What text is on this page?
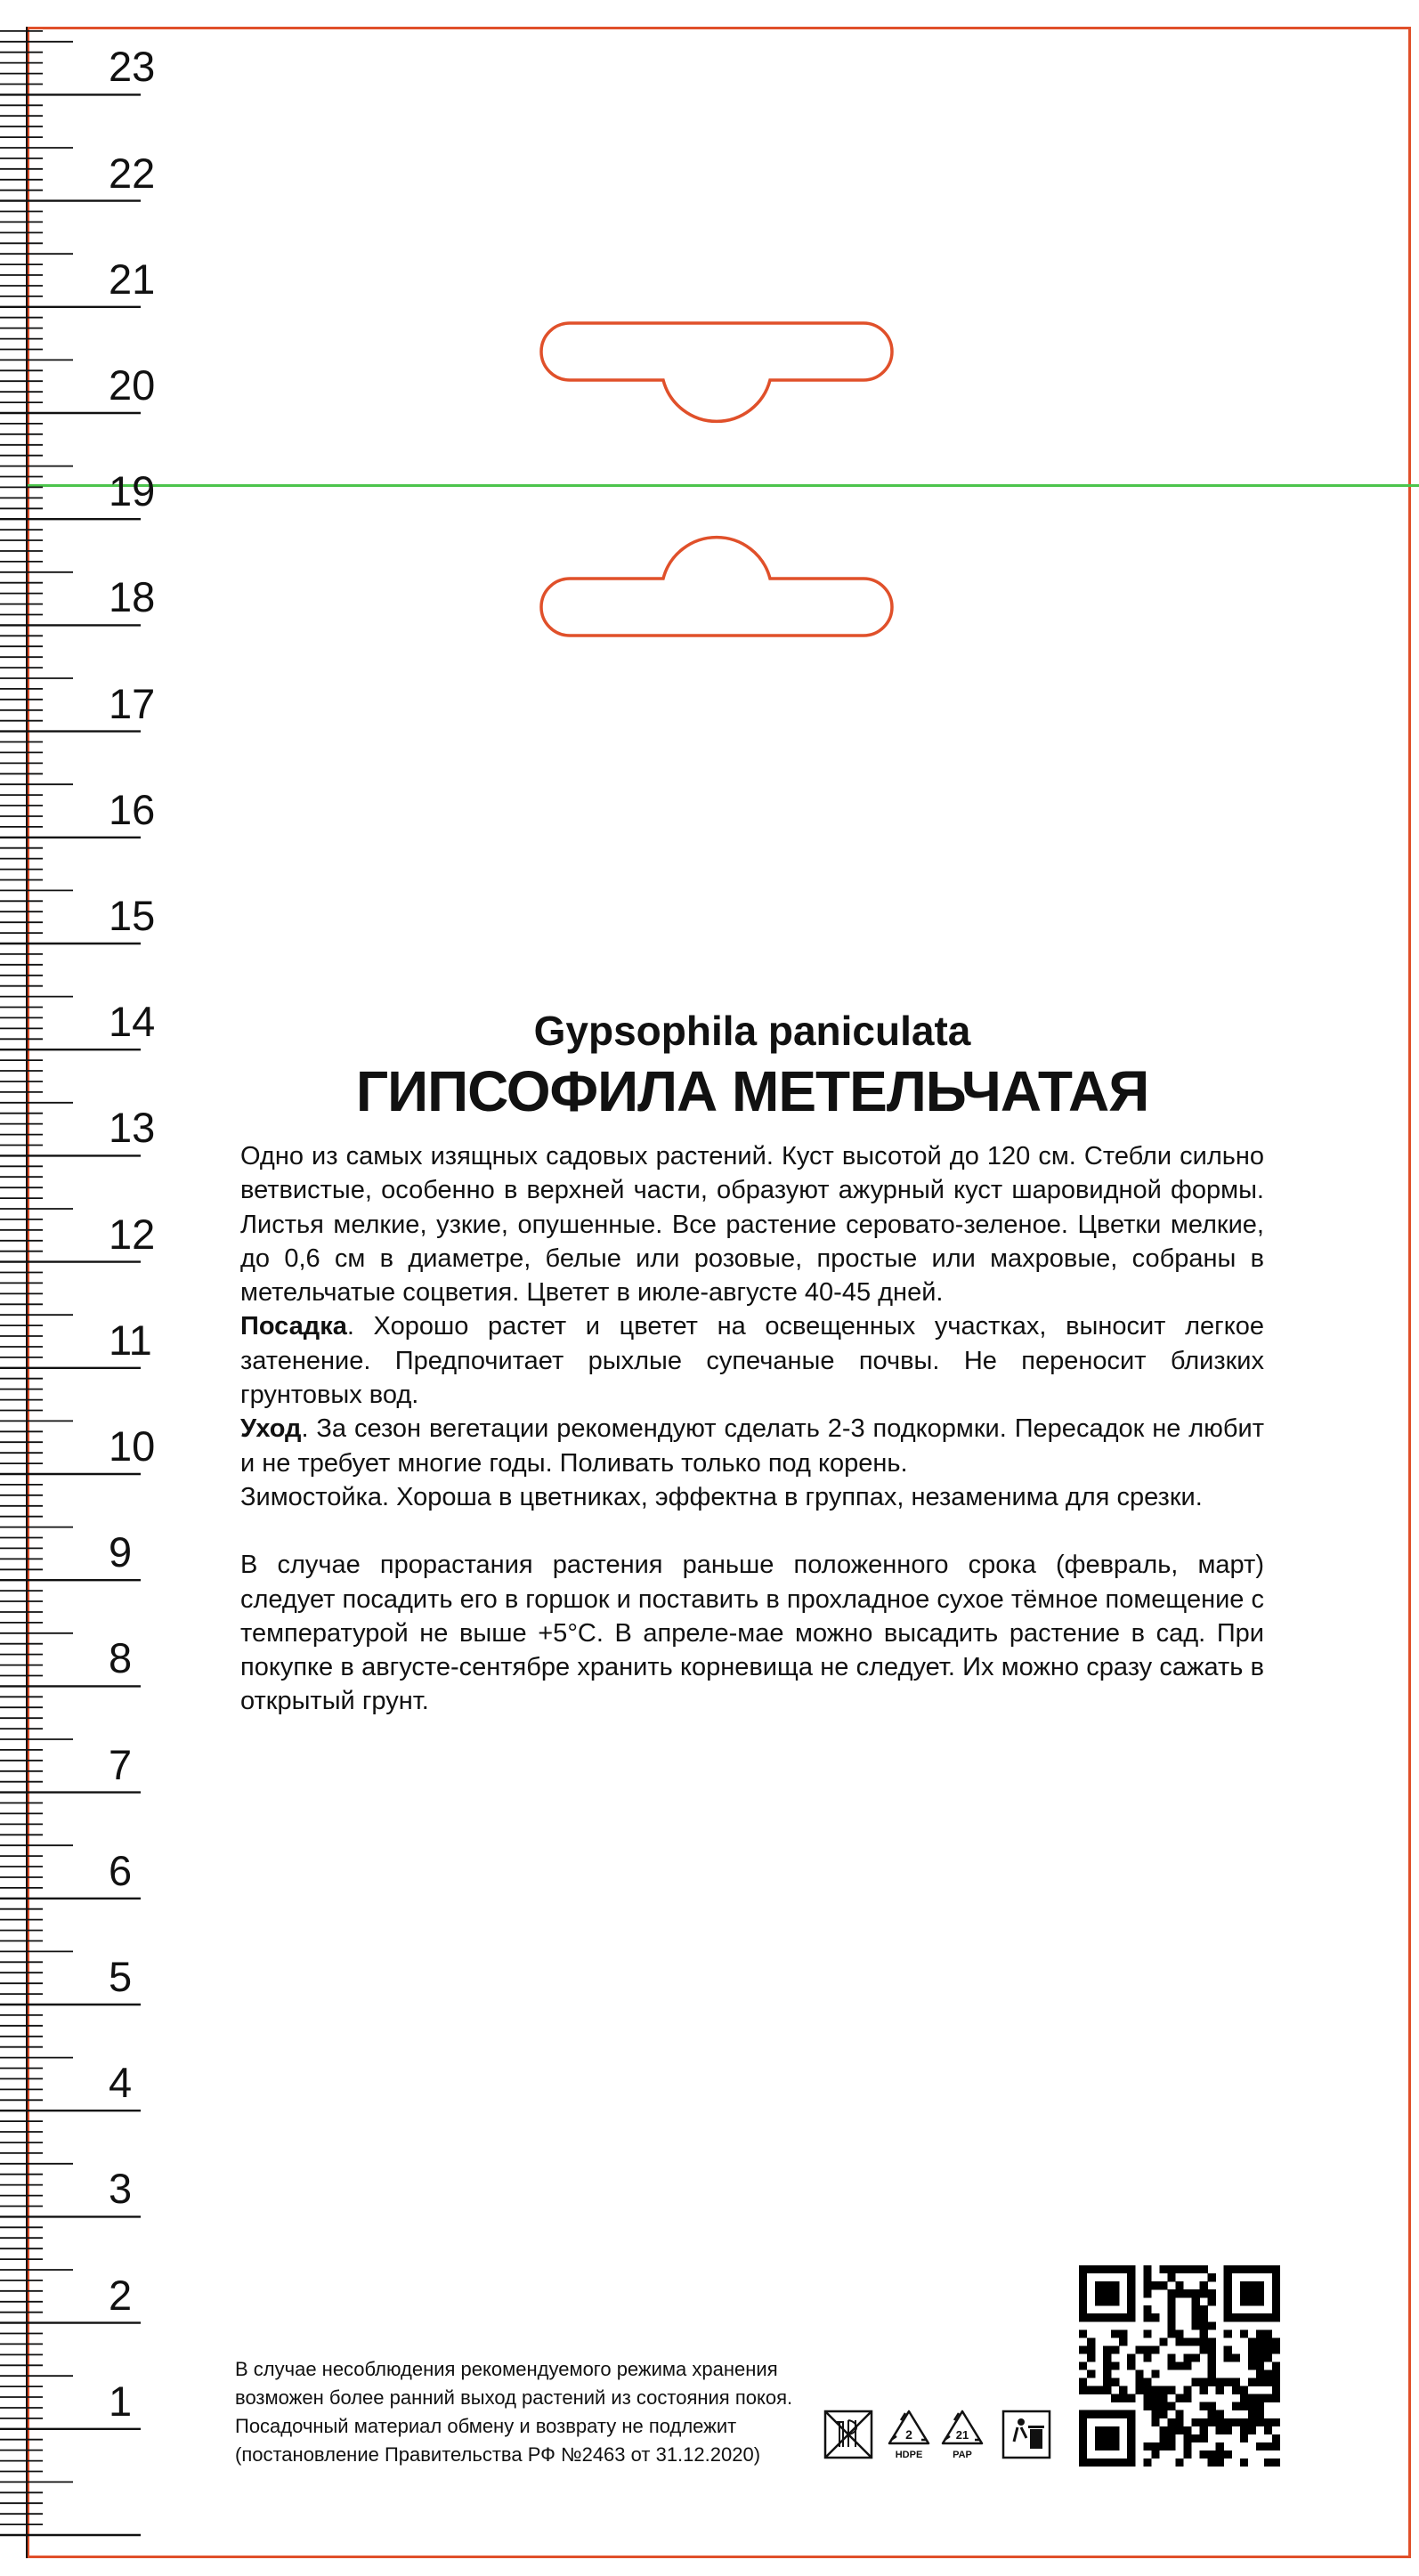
23
22
21
20
19
18
17
16
15
14
13
12
11
10
9
8
7
6
5
4
3
2
1
Gypsophila paniculata
ГИПСОФИЛА МЕТЕЛЬЧАТАЯ

Одно из самых изящных садовых растений. Куст высотой до 120 см. Стебли сильно ветвистые, особенно в верхней части, образуют ажурный куст шаровидной формы. Листья мелкие, узкие, опушенные. Все растение серовато-зеленое. Цветки мелкие, до 0,6 см в диаметре, белые или розовые, простые или махровые, собраны в метельчатые соцветия. Цветет в июле-августе 40-45 дней.

Посадка. Хорошо растет и цветет на освещенных участках, выносит легкое затенение. Предпочитает рыхлые супечаные почвы. Не переносит близких грунтовых вод.

Уход. За сезон вегетации рекомендуют сделать 2-3 подкормки. Пересадок не любит и не требует многие годы. Поливать только под корень.

Зимостойка. Хороша в цветниках, эффектна в группах, незаменима для срезки.

В случае прорастания растения раньше положенного срока (февраль, март) следует посадить его в горшок и поставить в прохладное сухое тёмное помещение с температурой не выше +5°С. В апреле-мае можно высадить растение в сад. При покупке в августе-сентябре хранить корневища не следует. Их можно сразу сажать в открытый грунт.

В случае несоблюдения рекомендуемого режима хранения
возможен более ранний выход растений из состояния покоя.
Посадочный материал обмену и возврату не подлежит
(постановление Правительства РФ №2463 от 31.12.2020)
2
HDPE
21
PAP
